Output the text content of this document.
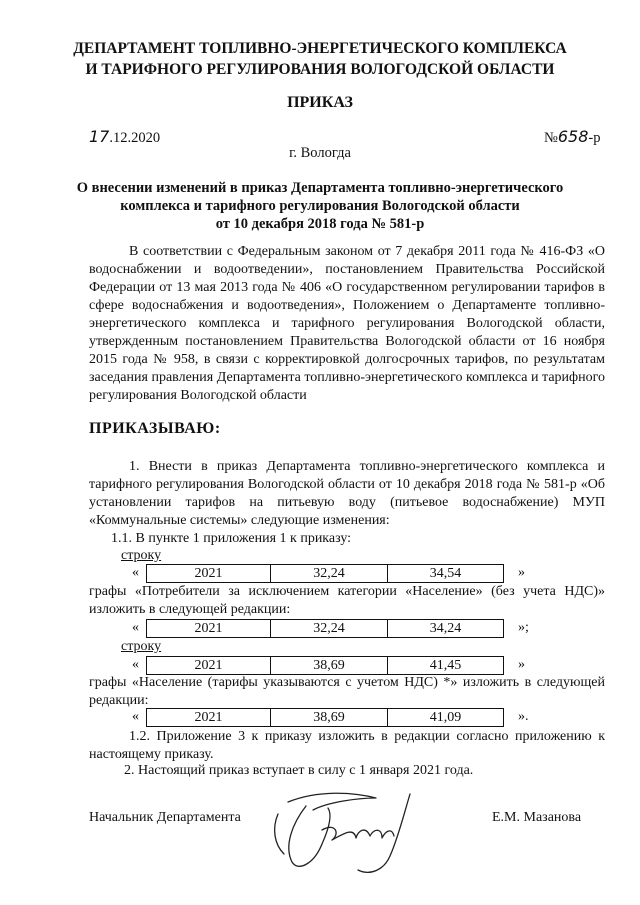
ДЕПАРТАМЕНТ ТОПЛИВНО-ЭНЕРГЕТИЧЕСКОГО КОМПЛЕКСА
И ТАРИФНОГО РЕГУЛИРОВАНИЯ ВОЛОГОДСКОЙ ОБЛАСТИ
ПРИКАЗ
17.12.2020	№658-р
г. Вологда
О внесении изменений в приказ Департамента топливно-энергетического
комплекса и тарифного регулирования Вологодской области
от 10 декабря 2018 года № 581-р
В соответствии с Федеральным законом от 7 декабря 2011 года № 416-ФЗ «О водоснабжении и водоотведении», постановлением Правительства Российской Федерации от 13 мая 2013 года № 406 «О государственном регулировании тарифов в сфере водоснабжения и водоотведения», Положением о Департаменте топливно-энергетического комплекса и тарифного регулирования Вологодской области, утвержденным постановлением Правительства Вологодской области от 16 ноября 2015 года № 958, в связи с корректировкой долгосрочных тарифов, по результатам заседания правления Департамента топливно-энергетического комплекса и тарифного регулирования Вологодской области
ПРИКАЗЫВАЮ:
1. Внести в приказ Департамента топливно-энергетического комплекса и тарифного регулирования Вологодской области от 10 декабря 2018 года № 581-р «Об установлении тарифов на питьевую воду (питьевое водоснабжение) МУП «Коммунальные системы» следующие изменения:
1.1. В пункте 1 приложения 1 к приказу:
строку
«	2021	32,24	34,54	»
графы «Потребители за исключением категории «Население» (без учета НДС)» изложить в следующей редакции:
«	2021	32,24	34,24	»;
строку
«	2021	38,69	41,45	»
графы «Население (тарифы указываются с учетом НДС) *» изложить в следующей редакции:
«	2021	38,69	41,09	».
1.2. Приложение 3 к приказу изложить в редакции согласно приложению к настоящему приказу.
2. Настоящий приказ вступает в силу с 1 января 2021 года.
Начальник Департамента	Е.М. Мазанова
